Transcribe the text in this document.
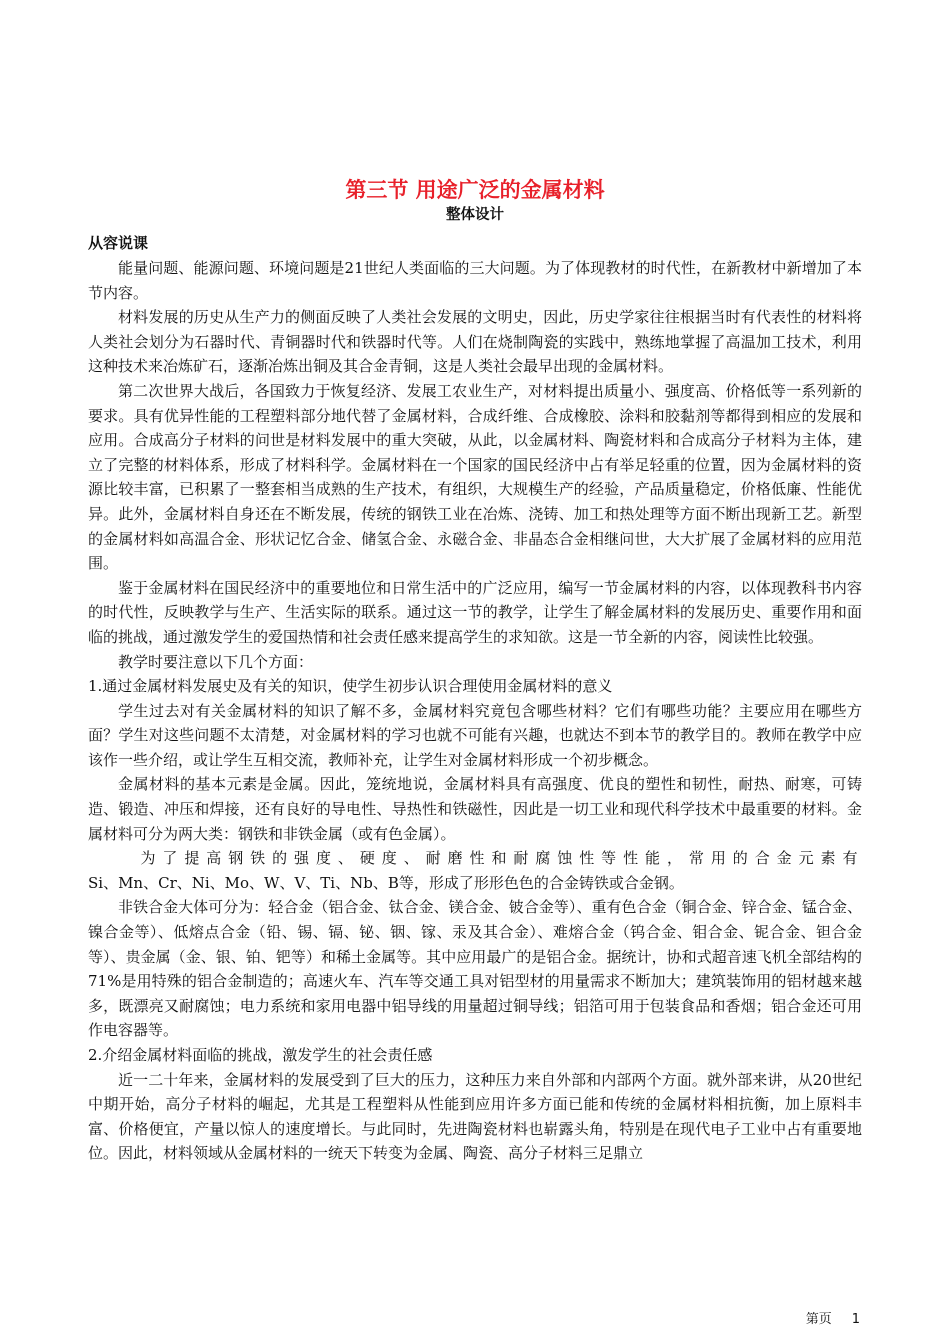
第三节 用途广泛的金属材料
整体设计
从容说课

能量问题、能源问题、环境问题是21世纪人类面临的三大问题。为了体现教材的时代性，在新教材中新增加了本节内容。

材料发展的历史从生产力的侧面反映了人类社会发展的文明史，因此，历史学家往往根据当时有代表性的材料将人类社会划分为石器时代、青铜器时代和铁器时代等。人们在烧制陶瓷的实践中，熟练地掌握了高温加工技术，利用这种技术来冶炼矿石，逐渐冶炼出铜及其合金青铜，这是人类社会最早出现的金属材料。

第二次世界大战后，各国致力于恢复经济、发展工农业生产，对材料提出质量小、强度高、价格低等一系列新的要求。具有优异性能的工程塑料部分地代替了金属材料，合成纤维、合成橡胶、涂料和胶黏剂等都得到相应的发展和应用。合成高分子材料的问世是材料发展中的重大突破，从此，以金属材料、陶瓷材料和合成高分子材料为主体，建立了完整的材料体系，形成了材料科学。金属材料在一个国家的国民经济中占有举足轻重的位置，因为金属材料的资源比较丰富，已积累了一整套相当成熟的生产技术，有组织，大规模生产的经验，产品质量稳定，价格低廉、性能优异。此外，金属材料自身还在不断发展，传统的钢铁工业在冶炼、浇铸、加工和热处理等方面不断出现新工艺。新型的金属材料如高温合金、形状记忆合金、储氢合金、永磁合金、非晶态合金相继问世，大大扩展了金属材料的应用范围。

鉴于金属材料在国民经济中的重要地位和日常生活中的广泛应用，编写一节金属材料的内容，以体现教科书内容的时代性，反映教学与生产、生活实际的联系。通过这一节的教学，让学生了解金属材料的发展历史、重要作用和面临的挑战，通过激发学生的爱国热情和社会责任感来提高学生的求知欲。这是一节全新的内容，阅读性比较强。

教学时要注意以下几个方面：

1.通过金属材料发展史及有关的知识，使学生初步认识合理使用金属材料的意义

学生过去对有关金属材料的知识了解不多，金属材料究竟包含哪些材料？它们有哪些功能？主要应用在哪些方面？学生对这些问题不太清楚，对金属材料的学习也就不可能有兴趣，也就达不到本节的教学目的。教师在教学中应该作一些介绍，或让学生互相交流，教师补充，让学生对金属材料形成一个初步概念。

金属材料的基本元素是金属。因此，笼统地说，金属材料具有高强度、优良的塑性和韧性，耐热、耐寒，可铸造、锻造、冲压和焊接，还有良好的导电性、导热性和铁磁性，因此是一切工业和现代科学技术中最重要的材料。金属材料可分为两大类：钢铁和非铁金属（或有色金属）。

为了提高钢铁的强度、硬度、耐磨性和耐腐蚀性等性能，常用的合金元素有

Si、Mn、Cr、Ni、Mo、W、V、Ti、Nb、B等，形成了形形色色的合金铸铁或合金钢。

非铁合金大体可分为：轻合金（铝合金、钛合金、镁合金、铍合金等）、重有色合金（铜合金、锌合金、锰合金、镍合金等）、低熔点合金（铅、锡、镉、铋、铟、镓、汞及其合金）、难熔合金（钨合金、钼合金、铌合金、钽合金等）、贵金属（金、银、铂、钯等）和稀土金属等。其中应用最广的是铝合金。据统计，协和式超音速飞机全部结构的71%是用特殊的铝合金制造的；高速火车、汽车等交通工具对铝型材的用量需求不断加大；建筑装饰用的铝材越来越多，既漂亮又耐腐蚀；电力系统和家用电器中铝导线的用量超过铜导线；铝箔可用于包装食品和香烟；铝合金还可用作电容器等。

2.介绍金属材料面临的挑战，激发学生的社会责任感

近一二十年来，金属材料的发展受到了巨大的压力，这种压力来自外部和内部两个方面。就外部来讲，从20世纪中期开始，高分子材料的崛起，尤其是工程塑料从性能到应用许多方面已能和传统的金属材料相抗衡，加上原料丰富、价格便宜，产量以惊人的速度增长。与此同时，先进陶瓷材料也崭露头角，特别是在现代电子工业中占有重要地位。因此，材料领域从金属材料的一统天下转变为金属、陶瓷、高分子材料三足鼎立

第页 1
